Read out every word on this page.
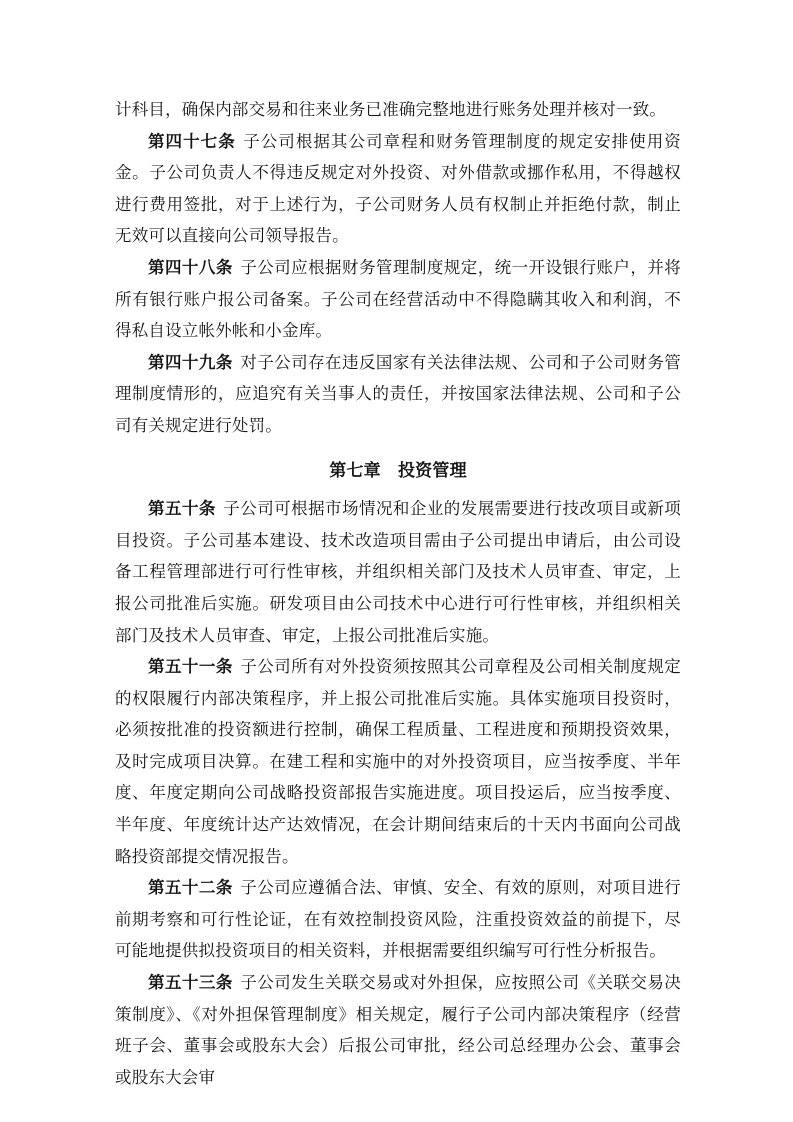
计科目，确保内部交易和往来业务已准确完整地进行账务处理并核对一致。

第四十七条 子公司根据其公司章程和财务管理制度的规定安排使用资金。子公司负责人不得违反规定对外投资、对外借款或挪作私用，不得越权进行费用签批，对于上述行为，子公司财务人员有权制止并拒绝付款，制止无效可以直接向公司领导报告。

第四十八条 子公司应根据财务管理制度规定，统一开设银行账户，并将所有银行账户报公司备案。子公司在经营活动中不得隐瞒其收入和利润，不得私自设立帐外帐和小金库。

第四十九条 对子公司存在违反国家有关法律法规、公司和子公司财务管理制度情形的，应追究有关当事人的责任，并按国家法律法规、公司和子公司有关规定进行处罚。

第七章　投资管理

第五十条 子公司可根据市场情况和企业的发展需要进行技改项目或新项目投资。子公司基本建设、技术改造项目需由子公司提出申请后，由公司设备工程管理部进行可行性审核，并组织相关部门及技术人员审查、审定，上报公司批准后实施。研发项目由公司技术中心进行可行性审核，并组织相关部门及技术人员审查、审定，上报公司批准后实施。

第五十一条 子公司所有对外投资须按照其公司章程及公司相关制度规定的权限履行内部决策程序，并上报公司批准后实施。具体实施项目投资时，必须按批准的投资额进行控制，确保工程质量、工程进度和预期投资效果，及时完成项目决算。在建工程和实施中的对外投资项目，应当按季度、半年度、年度定期向公司战略投资部报告实施进度。项目投运后，应当按季度、半年度、年度统计达产达效情况，在会计期间结束后的十天内书面向公司战略投资部提交情况报告。

第五十二条 子公司应遵循合法、审慎、安全、有效的原则，对项目进行前期考察和可行性论证，在有效控制投资风险，注重投资效益的前提下，尽可能地提供拟投资项目的相关资料，并根据需要组织编写可行性分析报告。

第五十三条 子公司发生关联交易或对外担保，应按照公司《关联交易决策制度》、《对外担保管理制度》相关规定，履行子公司内部决策程序（经营班子会、董事会或股东大会）后报公司审批，经公司总经理办公会、董事会或股东大会审
